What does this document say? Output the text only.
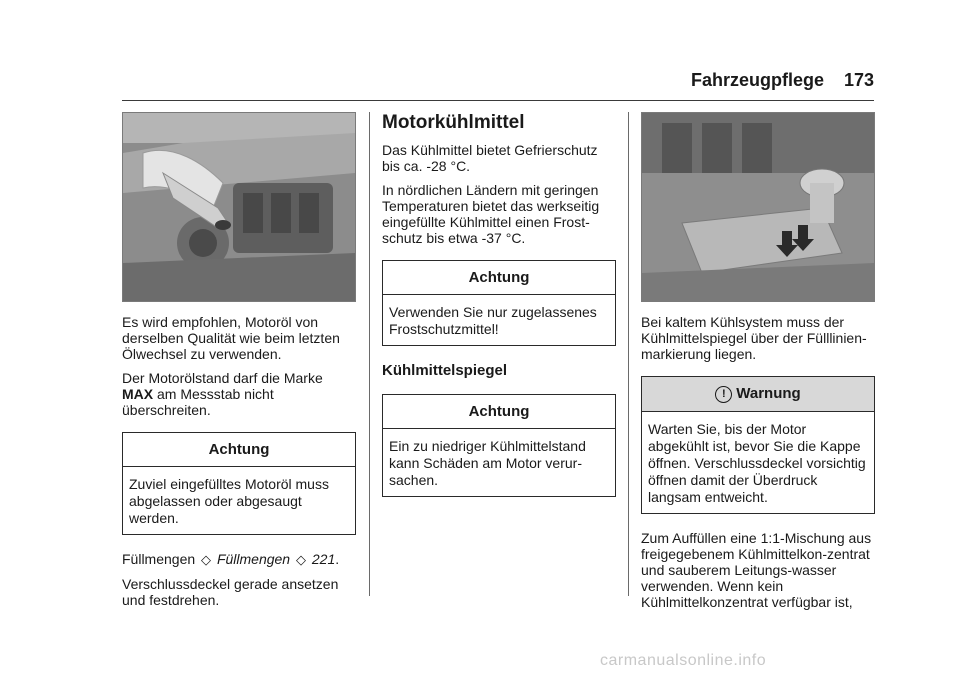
Fahrzeugpflege 173

Es wird empfohlen, Motoröl von derselben Qualität wie beim letzten Ölwechsel zu verwenden.

Der Motorölstand darf die Marke
MAX am Messstab nicht überschreiten.

Achtung
Zuviel eingefülltes Motoröl muss abgelassen oder abgesaugt werden.

Füllmengen ◇ Füllmengen ◇ 221.

Verschlussdeckel gerade ansetzen und festdrehen.

Motorkühlmittel

Das Kühlmittel bietet Gefrierschutz bis ca. -28 °C.

In nördlichen Ländern mit geringen Temperaturen bietet das werkseitig eingefüllte Kühlmittel einen Frost-schutz bis etwa -37 °C.

Achtung
Verwenden Sie nur zugelassenes Frostschutzmittel!
Kühlmittelspiegel
Achtung
Ein zu niedriger Kühlmittelstand kann Schäden am Motor verur-sachen.

Bei kaltem Kühlsystem muss der Kühlmittelspiegel über der Fülllinien-markierung liegen.

! Warnung
Warten Sie, bis der Motor abgekühlt ist, bevor Sie die Kappe öffnen. Verschlussdeckel vorsichtig öffnen damit der Überdruck langsam entweicht.

Zum Auffüllen eine 1:1-Mischung aus freigegebenem Kühlmittelkon-zentrat und sauberem Leitungs-wasser verwenden. Wenn kein Kühlmittelkonzentrat verfügbar ist,

carmanualsonline.info
